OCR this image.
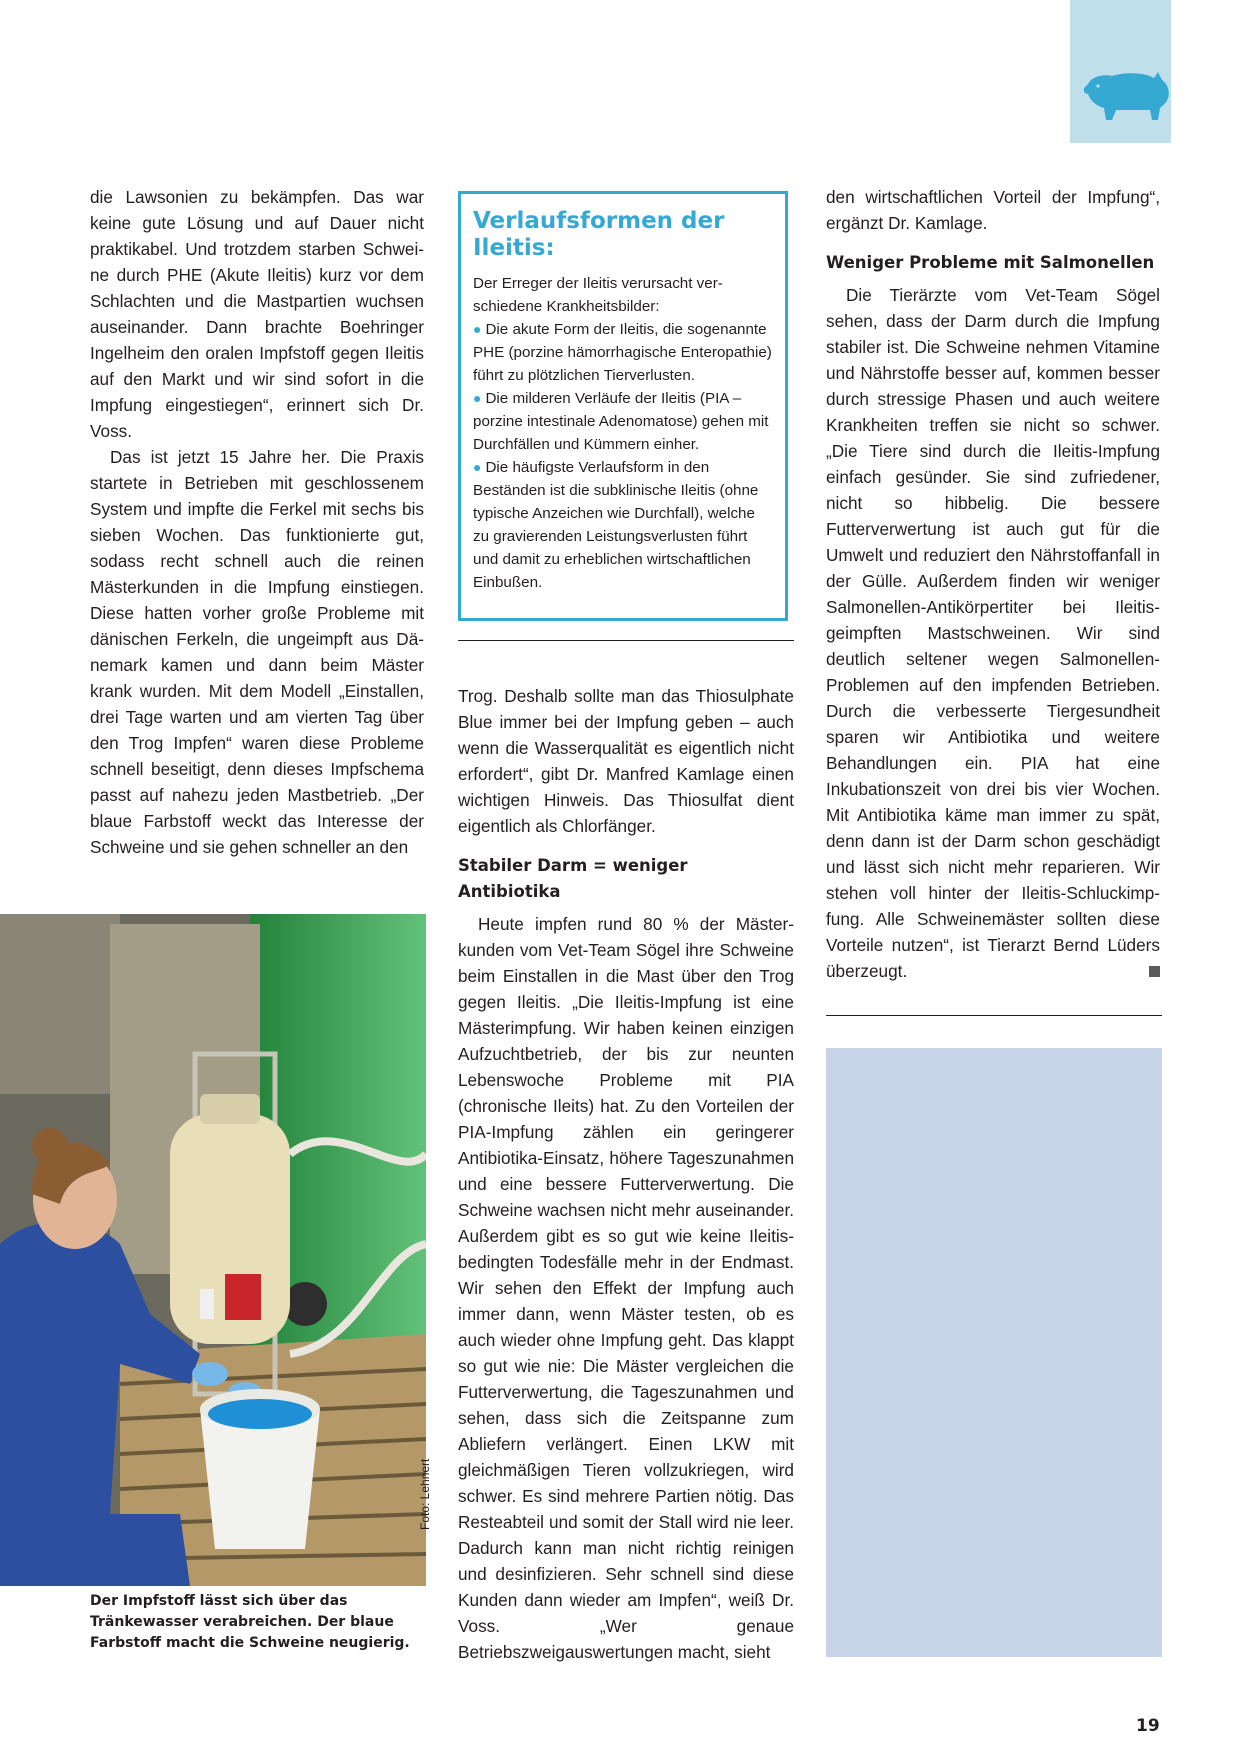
die Lawsonien zu bekämpfen. Das war keine gute Lösung und auf Dauer nicht praktikabel. Und trotzdem starben Schweine durch PHE (Akute Ileitis) kurz vor dem Schlachten und die Mastpartien wuchsen auseinander. Dann brachte Boehringer Ingelheim den oralen Impfstoff gegen Ileitis auf den Markt und wir sind sofort in die Impfung eingestiegen“, erinnert sich Dr. Voss.

Das ist jetzt 15 Jahre her. Die Praxis startete in Betrieben mit geschlossenem System und impfte die Ferkel mit sechs bis sieben Wochen. Das funktionierte gut, sodass recht schnell auch die reinen Mästerkunden in die Impfung einstiegen. Diese hatten vorher große Probleme mit dänischen Ferkeln, die ungeimpft aus Dänemark kamen und dann beim Mäster krank wurden. Mit dem Modell „Einstallen, drei Tage warten und am vierten Tag über den Trog Impfen“ waren diese Probleme schnell beseitigt, denn dieses Impfschema passt auf nahezu jeden Mastbetrieb. „Der blaue Farbstoff weckt das Interesse der Schweine und sie gehen schneller an den

Verlaufsformen der Ileitis:

Der Erreger der Ileitis verursacht verschiedene Krankheitsbilder:

● Die akute Form der Ileitis, die sogenannte PHE (porzine hämorrhagische Enteropathie) führt zu plötzlichen Tierverlusten.
● Die milderen Verläufe der Ileitis (PIA – porzine intestinale Adenomatose) gehen mit Durchfällen und Kümmern einher.
● Die häufigste Verlaufsform in den Beständen ist die subklinische Ileitis (ohne typische Anzeichen wie Durchfall), welche zu gravierenden Leistungsverlusten führt und damit zu erheblichen wirtschaftlichen Einbußen.

Trog. Deshalb sollte man das Thiosulphate Blue immer bei der Impfung geben – auch wenn die Wasserqualität es eigentlich nicht erfordert“, gibt Dr. Manfred Kamlage einen wichtigen Hinweis. Das Thiosulfat dient eigentlich als Chlorfänger.

Stabiler Darm = weniger Antibiotika

Heute impfen rund 80 % der Mästerkunden vom Vet-Team Sögel ihre Schweine beim Einstallen in die Mast über den Trog gegen Ileitis. „Die Ileitis-Impfung ist eine Mästerimpfung. Wir haben keinen einzigen Aufzuchtbetrieb, der bis zur neunten Lebenswoche Probleme mit PIA (chronische Ileits) hat. Zu den Vorteilen der PIA-Impfung zählen ein geringerer Antibiotika-Einsatz, höhere Tageszunahmen und eine bessere Futterverwertung. Die Schweine wachsen nicht mehr auseinander. Außerdem gibt es so gut wie keine Ileitis-bedingten Todesfälle mehr in der Endmast. Wir sehen den Effekt der Impfung auch immer dann, wenn Mäster testen, ob es auch wieder ohne Impfung geht. Das klappt so gut wie nie: Die Mäster vergleichen die Futterverwertung, die Tageszunahmen und sehen, dass sich die Zeitspanne zum Abliefern verlängert. Einen LKW mit gleichmäßigen Tieren vollzukriegen, wird schwer. Es sind mehrere Partien nötig. Das Resteabteil und somit der Stall wird nie leer. Dadurch kann man nicht richtig reinigen und desinfizieren. Sehr schnell sind diese Kunden dann wieder am Impfen“, weiß Dr. Voss. „Wer genaue Betriebszweigauswertungen macht, sieht

den wirtschaftlichen Vorteil der Impfung“, ergänzt Dr. Kamlage.

Weniger Probleme mit Salmonellen

Die Tierärzte vom Vet-Team Sögel sehen, dass der Darm durch die Impfung stabiler ist. Die Schweine nehmen Vitamine und Nährstoffe besser auf, kommen besser durch stressige Phasen und auch weitere Krankheiten treffen sie nicht so schwer. „Die Tiere sind durch die Ileitis-Impfung einfach gesünder. Sie sind zufriedener, nicht so hibbelig. Die bessere Futterverwertung ist auch gut für die Umwelt und reduziert den Nährstoffanfall in der Gülle. Außerdem finden wir weniger Salmonellen-Antikörpertiter bei Ileitis-geimpften Mastschweinen. Wir sind deutlich seltener wegen Salmonellen-Problemen auf den impfenden Betrieben. Durch die verbesserte Tiergesundheit sparen wir Antibiotika und weitere Behandlungen ein. PIA hat eine Inkubationszeit von drei bis vier Wochen. Mit Antibiotika käme man immer zu spät, denn dann ist der Darm schon geschädigt und lässt sich nicht mehr reparieren. Wir stehen voll hinter der Ileitis-Schluckimpfung. Alle Schweinemäster sollten diese Vorteile nutzen“, ist Tierarzt Bernd Lüders überzeugt.

Foto: Lehnert

Der Impfstoff lässt sich über das Tränkewasser verabreichen. Der blaue Farbstoff macht die Schweine neugierig.

19
